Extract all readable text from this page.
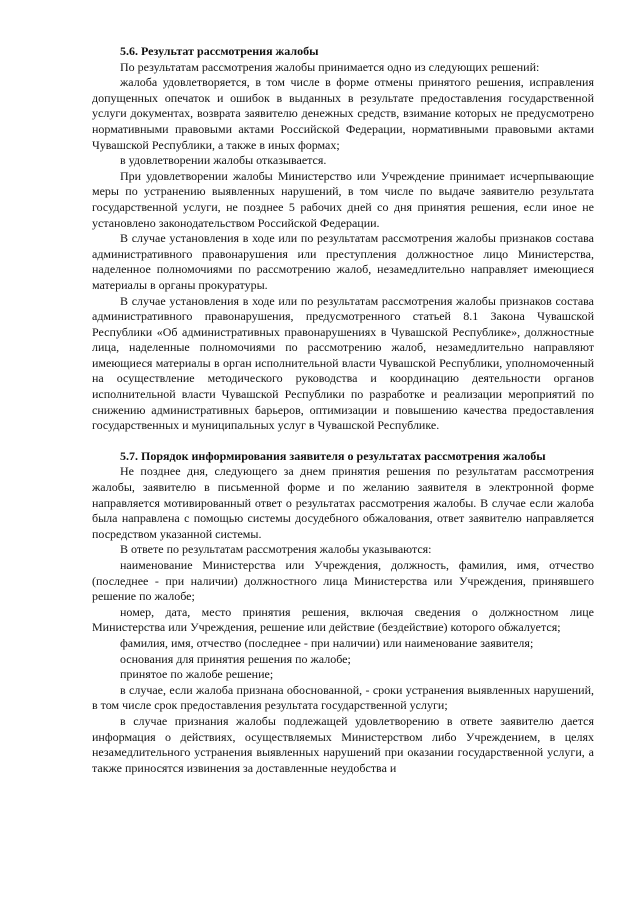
5.6. Результат рассмотрения жалобы

По результатам рассмотрения жалобы принимается одно из следующих решений:

жалоба удовлетворяется, в том числе в форме отмены принятого решения, исправления допущенных опечаток и ошибок в выданных в результате предоставления государственной услуги документах, возврата заявителю денежных средств, взимание которых не предусмотрено нормативными правовыми актами Российской Федерации, нормативными правовыми актами Чувашской Республики, а также в иных формах;

в удовлетворении жалобы отказывается.

При удовлетворении жалобы Министерство или Учреждение принимает исчерпывающие меры по устранению выявленных нарушений, в том числе по выдаче заявителю результата государственной услуги, не позднее 5 рабочих дней со дня принятия решения, если иное не установлено законодательством Российской Федерации.

В случае установления в ходе или по результатам рассмотрения жалобы признаков состава административного правонарушения или преступления должностное лицо Министерства, наделенное полномочиями по рассмотрению жалоб, незамедлительно направляет имеющиеся материалы в органы прокуратуры.

В случае установления в ходе или по результатам рассмотрения жалобы признаков состава административного правонарушения, предусмотренного статьей 8.1 Закона Чувашской Республики «Об административных правонарушениях в Чувашской Республике», должностные лица, наделенные полномочиями по рассмотрению жалоб, незамедлительно направляют имеющиеся материалы в орган исполнительной власти Чувашской Республики, уполномоченный на осуществление методического руководства и координацию деятельности органов исполнительной власти Чувашской Республики по разработке и реализации мероприятий по снижению административных барьеров, оптимизации и повышению качества предоставления государственных и муниципальных услуг в Чувашской Республике.

5.7. Порядок информирования заявителя о результатах рассмотрения жалобы

Не позднее дня, следующего за днем принятия решения по результатам рассмотрения жалобы, заявителю в письменной форме и по желанию заявителя в электронной форме направляется мотивированный ответ о результатах рассмотрения жалобы. В случае если жалоба была направлена с помощью системы досудебного обжалования, ответ заявителю направляется посредством указанной системы.

В ответе по результатам рассмотрения жалобы указываются:

наименование Министерства или Учреждения, должность, фамилия, имя, отчество (последнее - при наличии) должностного лица Министерства или Учреждения, принявшего решение по жалобе;

номер, дата, место принятия решения, включая сведения о должностном лице Министерства или Учреждения, решение или действие (бездействие) которого обжалуется;

фамилия, имя, отчество (последнее - при наличии) или наименование заявителя;

основания для принятия решения по жалобе;

принятое по жалобе решение;

в случае, если жалоба признана обоснованной, - сроки устранения выявленных нарушений, в том числе срок предоставления результата государственной услуги;

в случае признания жалобы подлежащей удовлетворению в ответе заявителю дается информация о действиях, осуществляемых Министерством либо Учреждением, в целях незамедлительного устранения выявленных нарушений при оказании государственной услуги, а также приносятся извинения за доставленные неудобства и
